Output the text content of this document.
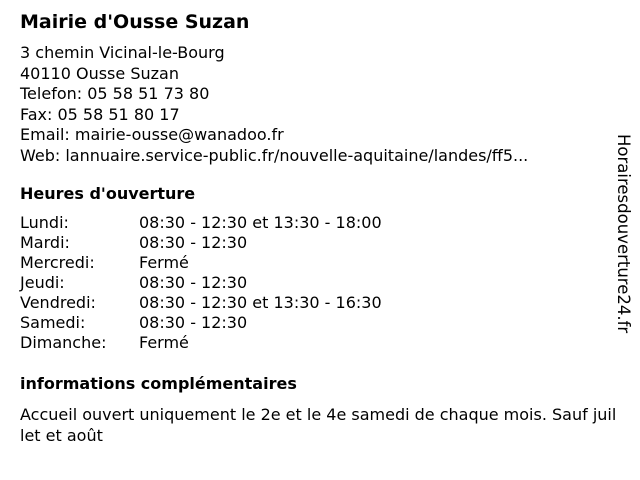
Mairie d'Ousse Suzan
3 chemin Vicinal-le-Bourg
40110 Ousse Suzan
Telefon: 05 58 51 73 80
Fax: 05 58 51 80 17
Email: mairie-ousse@wanadoo.fr
Web: lannuaire.service-public.fr/nouvelle-aquitaine/landes/ff5...
Heures d'ouverture
Lundi:	08:30 - 12:30 et 13:30 - 18:00
Mardi:	08:30 - 12:30
Mercredi:	Fermé
Jeudi:	08:30 - 12:30
Vendredi:	08:30 - 12:30 et 13:30 - 16:30
Samedi:	08:30 - 12:30
Dimanche: Fermé
informations complémentaires
Accueil ouvert uniquement le 2e et le 4e samedi de chaque mois. Sauf juillet et août
Horairesdouverture24.fr
